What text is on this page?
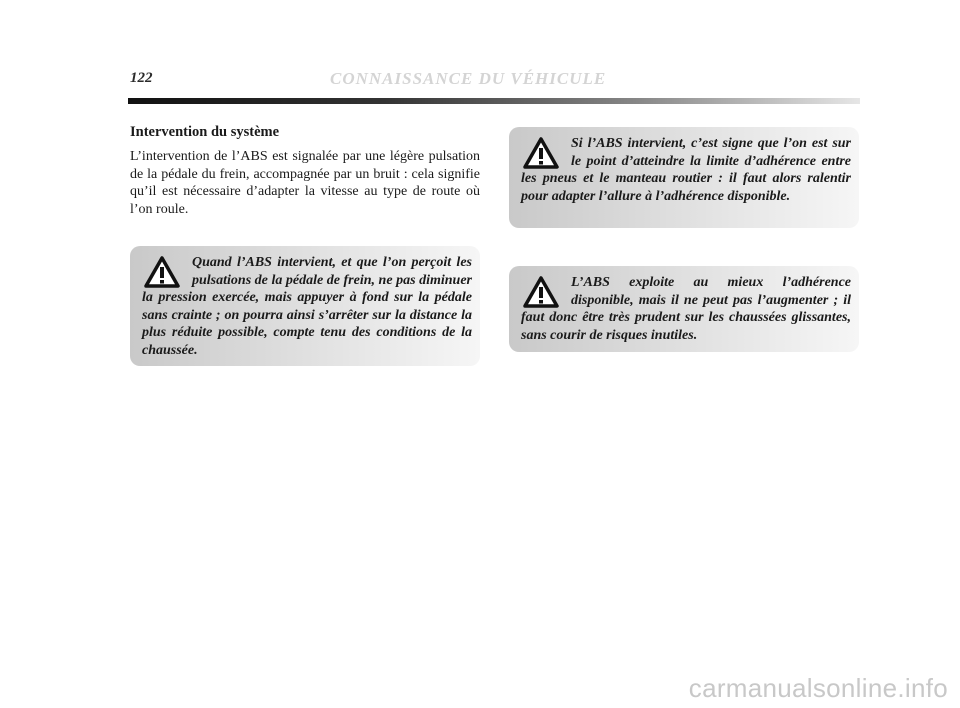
122	CONNAISSANCE DU VÉHICULE

Intervention du système

L’intervention de l’ABS est signalée par une légère pulsation de la pédale du frein, accompagnée par un bruit : cela signifie qu’il est nécessaire d’adapter la vitesse au type de route où l’on roule.

Quand l’ABS intervient, et que l’on perçoit les pulsations de la pédale de frein, ne pas diminuer la pression exercée, mais appuyer à fond sur la pédale sans crainte ; on pourra ainsi s’arrêter sur la distance la plus réduite possible, compte tenu des conditions de la chaussée.

Si l’ABS intervient, c’est signe que l’on est sur le point d’atteindre la limite d’adhérence entre les pneus et le manteau routier : il faut alors ralentir pour adapter l’allure à l’adhérence disponible.

L’ABS exploite au mieux l’adhérence disponible, mais il ne peut pas l’augmenter ; il faut donc être très prudent sur les chaussées glissantes, sans courir de risques inutiles.

carmanualsonline.info
